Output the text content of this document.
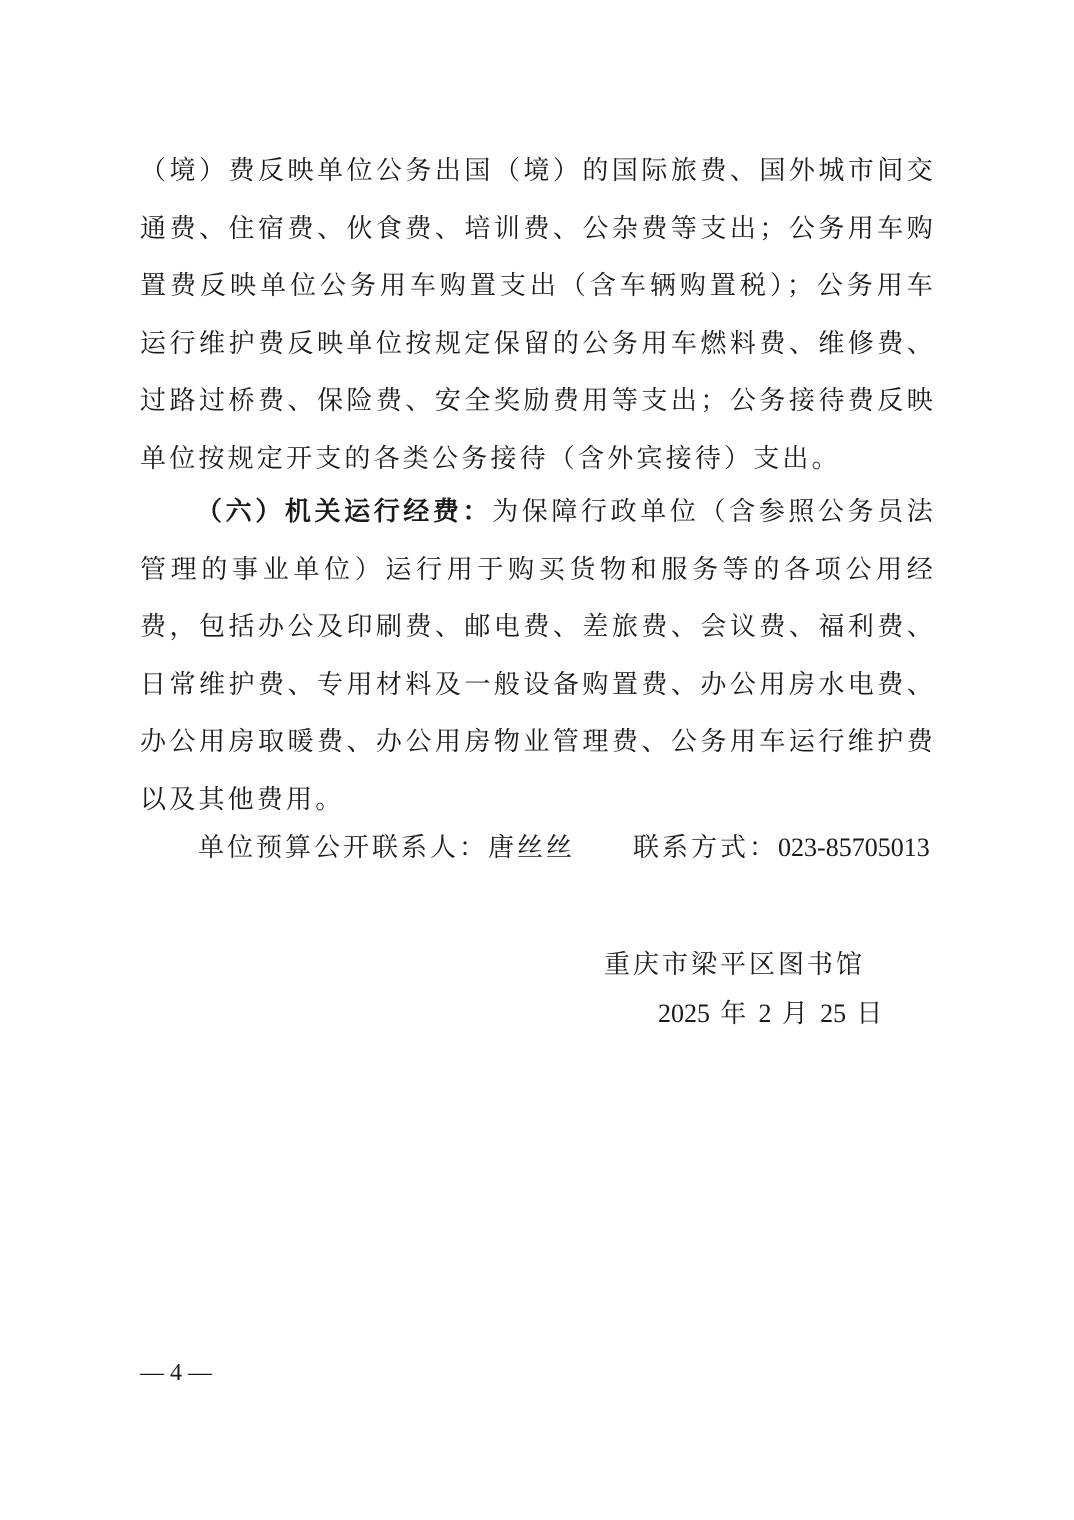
（境）费反映单位公务出国（境）的国际旅费、国外城市间交通费、住宿费、伙食费、培训费、公杂费等支出；公务用车购置费反映单位公务用车购置支出（含车辆购置税）；公务用车运行维护费反映单位按规定保留的公务用车燃料费、维修费、过路过桥费、保险费、安全奖励费用等支出；公务接待费反映单位按规定开支的各类公务接待（含外宾接待）支出。

（六）机关运行经费：为保障行政单位（含参照公务员法管理的事业单位）运行用于购买货物和服务等的各项公用经费，包括办公及印刷费、邮电费、差旅费、会议费、福利费、日常维护费、专用材料及一般设备购置费、办公用房水电费、办公用房取暖费、办公用房物业管理费、公务用车运行维护费以及其他费用。

单位预算公开联系人：唐丝丝 联系方式：023-85705013
重庆市梁平区图书馆
2025 年 2 月 25 日
— 4 —
